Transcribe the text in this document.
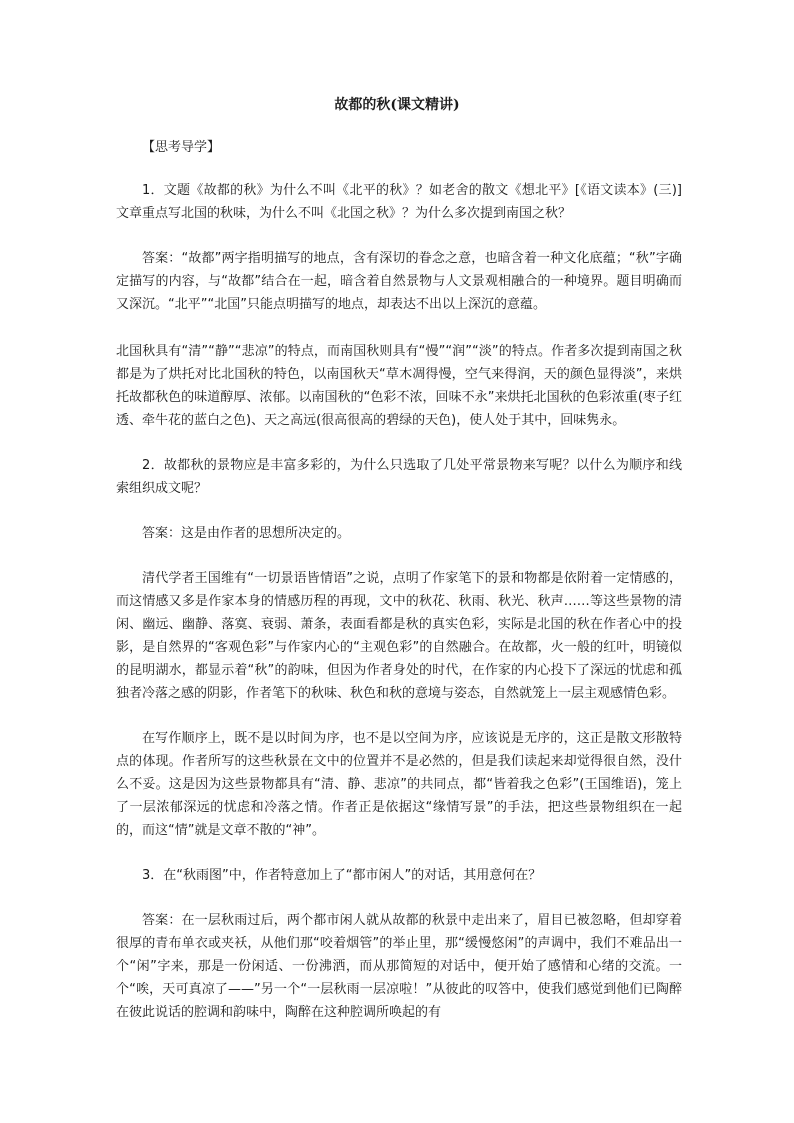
故都的秋(课文精讲)

【思考导学】

1．文题《故都的秋》为什么不叫《北平的秋》？如老舍的散文《想北平》[《语文读本》(三)]文章重点写北国的秋味，为什么不叫《北国之秋》？为什么多次提到南国之秋？

答案：“故都”两字指明描写的地点，含有深切的眷念之意，也暗含着一种文化底蕴；“秋”字确定描写的内容，与“故都”结合在一起，暗含着自然景物与人文景观相融合的一种境界。题目明确而又深沉。“北平”“北国”只能点明描写的地点，却表达不出以上深沉的意蕴。

北国秋具有“清”“静”“悲凉”的特点，而南国秋则具有“慢”“润”“淡”的特点。作者多次提到南国之秋都是为了烘托对比北国秋的特色，以南国秋天“草木凋得慢，空气来得润，天的颜色显得淡”，来烘托故都秋色的味道醇厚、浓郁。以南国秋的“色彩不浓，回味不永”来烘托北国秋的色彩浓重(枣子红透、牵牛花的蓝白之色)、天之高远(很高很高的碧绿的天色)，使人处于其中，回味隽永。

2．故都秋的景物应是丰富多彩的，为什么只选取了几处平常景物来写呢？以什么为顺序和线索组织成文呢？

答案：这是由作者的思想所决定的。

清代学者王国维有“一切景语皆情语”之说，点明了作家笔下的景和物都是依附着一定情感的，而这情感又多是作家本身的情感历程的再现，文中的秋花、秋雨、秋光、秋声……等这些景物的清闲、幽远、幽静、落寞、衰弱、萧条，表面看都是秋的真实色彩，实际是北国的秋在作者心中的投影，是自然界的“客观色彩”与作家内心的“主观色彩”的自然融合。在故都，火一般的红叶，明镜似的昆明湖水，都显示着“秋”的韵味，但因为作者身处的时代，在作家的内心投下了深远的忧虑和孤独者冷落之感的阴影，作者笔下的秋味、秋色和秋的意境与姿态，自然就笼上一层主观感情色彩。

在写作顺序上，既不是以时间为序，也不是以空间为序，应该说是无序的，这正是散文形散特点的体现。作者所写的这些秋景在文中的位置并不是必然的，但是我们读起来却觉得很自然，没什么不妥。这是因为这些景物都具有“清、静、悲凉”的共同点，都“皆着我之色彩”(王国维语)，笼上了一层浓郁深远的忧虑和冷落之情。作者正是依据这“缘情写景”的手法，把这些景物组织在一起的，而这“情”就是文章不散的“神”。

3．在“秋雨图”中，作者特意加上了“都市闲人”的对话，其用意何在？

答案：在一层秋雨过后，两个都市闲人就从故都的秋景中走出来了，眉目已被忽略，但却穿着很厚的青布单衣或夹袄，从他们那“咬着烟管”的举止里，那“缓慢悠闲”的声调中，我们不难品出一个“闲”字来，那是一份闲适、一份沸洒，而从那简短的对话中，便开始了感情和心绪的交流。一个“唉，天可真凉了——”另一个“一层秋雨一层凉啦！”从彼此的叹答中，使我们感觉到他们已陶醉在彼此说话的腔调和韵味中，陶醉在这种腔调所唤起的有
